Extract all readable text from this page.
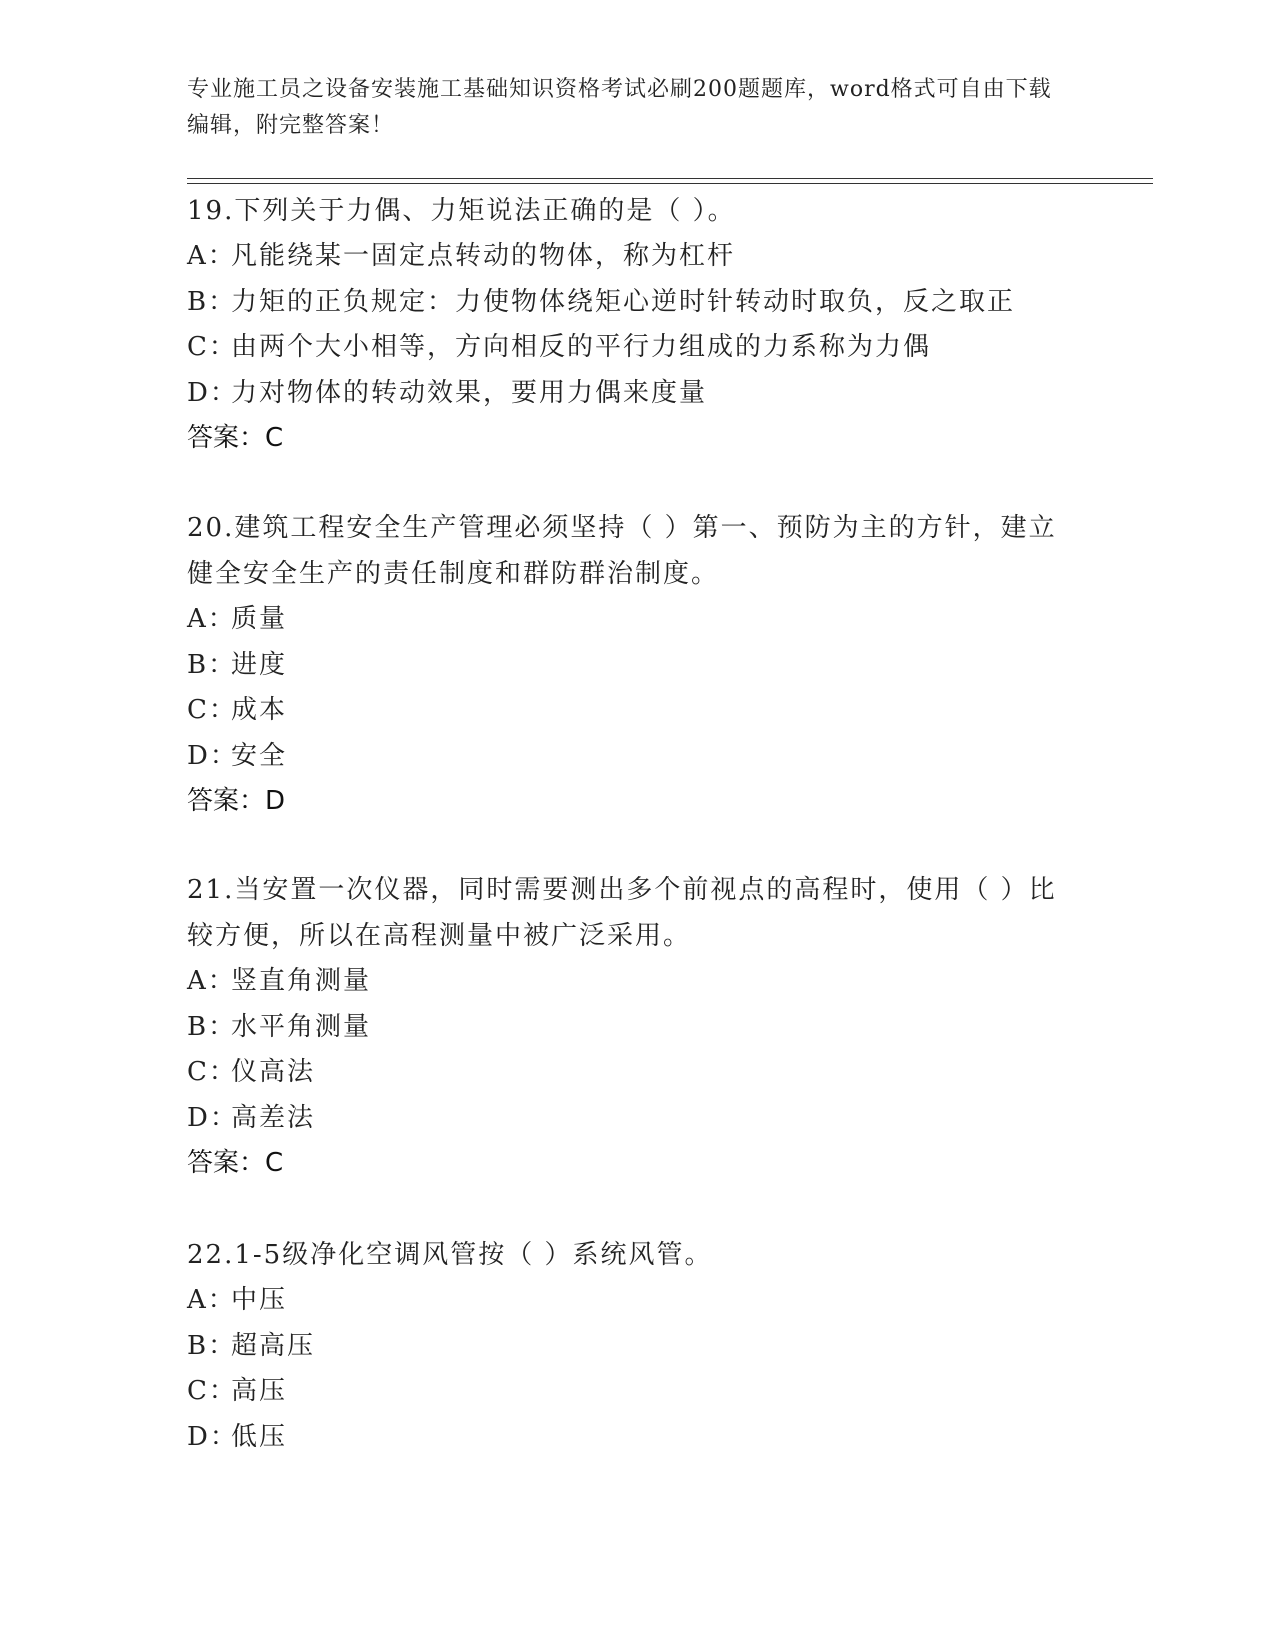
专业施工员之设备安装施工基础知识资格考试必刷200题题库，word格式可自由下载编辑，附完整答案！

19.下列关于力偶、力矩说法正确的是（ ）。

A：凡能绕某一固定点转动的物体，称为杠杆

B：力矩的正负规定：力使物体绕矩心逆时针转动时取负，反之取正

C：由两个大小相等，方向相反的平行力组成的力系称为力偶

D：力对物体的转动效果，要用力偶来度量

答案：C

20.建筑工程安全生产管理必须坚持（ ）第一、预防为主的方针，建立健全安全生产的责任制度和群防群治制度。

A：质量

B：进度

C：成本

D：安全

答案：D

21.当安置一次仪器，同时需要测出多个前视点的高程时，使用（ ）比较方便，所以在高程测量中被广泛采用。

A：竖直角测量

B：水平角测量

C：仪高法

D：高差法

答案：C

22.1-5级净化空调风管按（ ）系统风管。

A：中压

B：超高压

C：高压

D：低压
